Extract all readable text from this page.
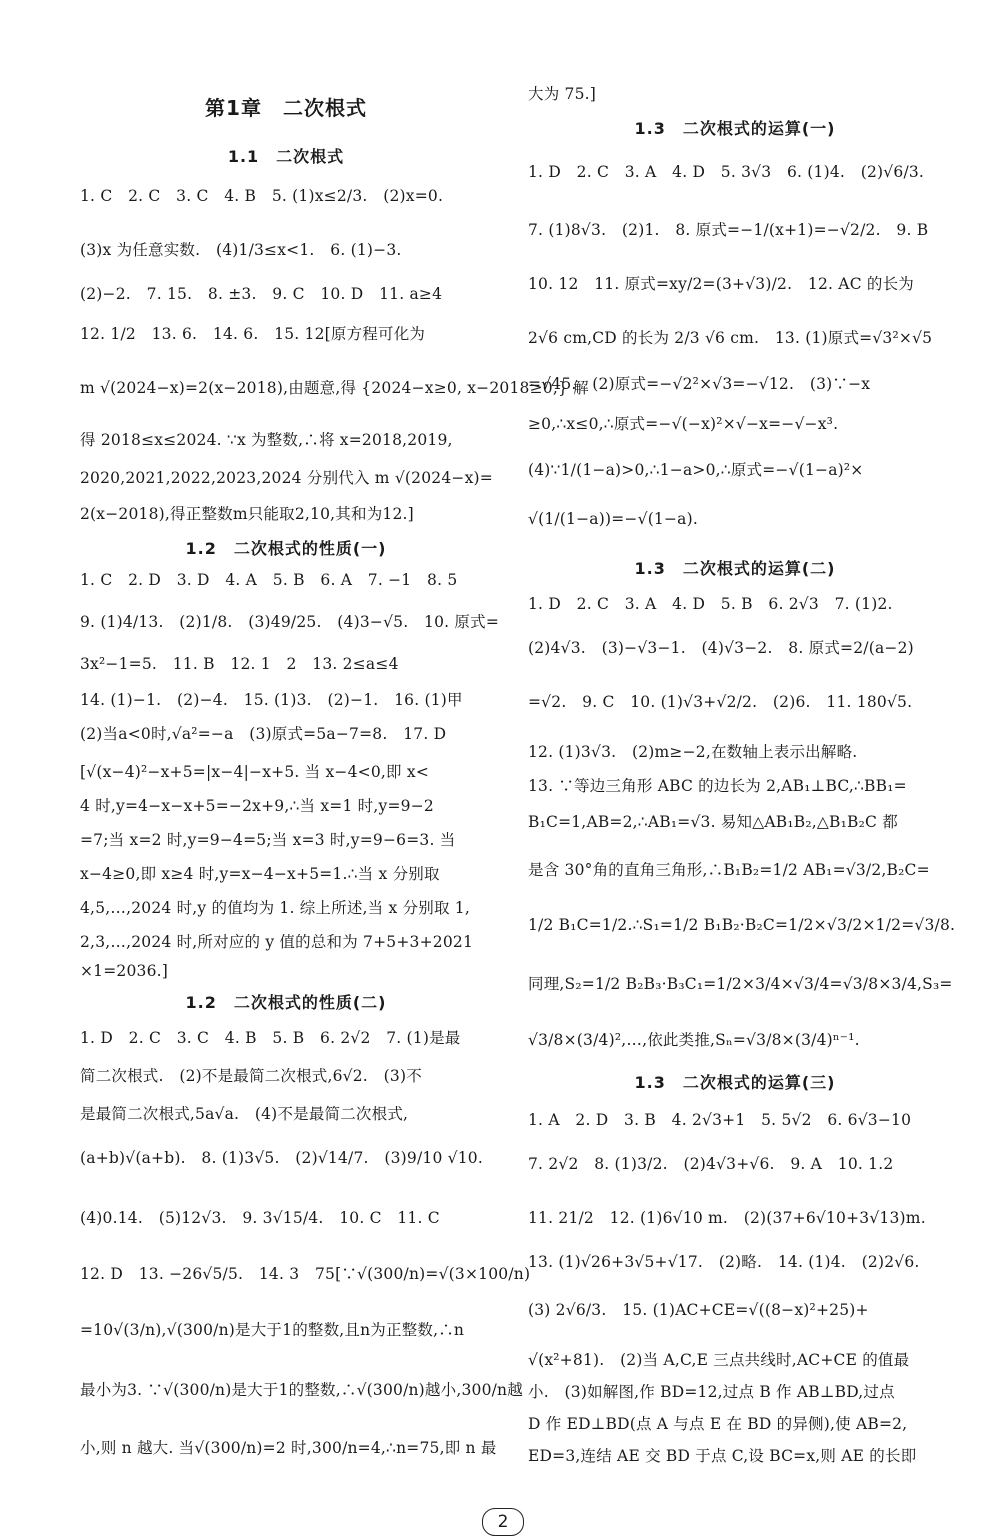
第1章　二次根式
1.1　二次根式
1. C　2. C　3. C　4. B　5. (1)x≤2/3.　(2)x=0.
(3)x 为任意实数.　(4)1/3≤x<1.　6. (1)−3.
(2)−2.　7. 15.　8. ±3.　9. C　10. D　11. a≥4
12. 1/2　13. 6.　14. 6.　15. 12[原方程可化为
m √(2024−x)=2(x−2018),由题意,得 {2024−x≥0, x−2018≥0,} 解
得 2018≤x≤2024. ∵x 为整数,∴将 x=2018,2019,
2020,2021,2022,2023,2024 分别代入 m √(2024−x)=
2(x−2018),得正整数m只能取2,10,其和为12.]
1.2　二次根式的性质(一)
1. C　2. D　3. D　4. A　5. B　6. A　7. −1　8. 5
9. (1)4/13.　(2)1/8.　(3)49/25.　(4)3−√5.　10. 原式=
3x²−1=5.　11. B　12. 1　2　13. 2≤a≤4
14. (1)−1.　(2)−4.　15. (1)3.　(2)−1.　16. (1)甲
(2)当a<0时,√a²=−a　(3)原式=5a−7=8.　17. D
[√(x−4)²−x+5=|x−4|−x+5. 当 x−4<0,即 x<
4 时,y=4−x−x+5=−2x+9,∴当 x=1 时,y=9−2
=7;当 x=2 时,y=9−4=5;当 x=3 时,y=9−6=3. 当
x−4≥0,即 x≥4 时,y=x−4−x+5=1.∴当 x 分别取
4,5,…,2024 时,y 的值均为 1. 综上所述,当 x 分别取 1,
2,3,…,2024 时,所对应的 y 值的总和为 7+5+3+2021
×1=2036.]
1.2　二次根式的性质(二)
1. D　2. C　3. C　4. B　5. B　6. 2√2　7. (1)是最
简二次根式.　(2)不是最简二次根式,6√2.　(3)不
是最简二次根式,5a√a.　(4)不是最简二次根式,
(a+b)√(a+b).　8. (1)3√5.　(2)√14/7.　(3)9/10 √10.
(4)0.14.　(5)12√3.　9. 3√15/4.　10. C　11. C
12. D　13. −26√5/5.　14. 3　75[∵√(300/n)=√(3×100/n)
=10√(3/n),√(300/n)是大于1的整数,且n为正整数,∴n
最小为3. ∵√(300/n)是大于1的整数,∴√(300/n)越小,300/n越
小,则 n 越大. 当√(300/n)=2 时,300/n=4,∴n=75,即 n 最
大为 75.]
1.3　二次根式的运算(一)
1. D　2. C　3. A　4. D　5. 3√3　6. (1)4.　(2)√6/3.
7. (1)8√3.　(2)1.　8. 原式=−1/(x+1)=−√2/2.　9. B
10. 12　11. 原式=xy/2=(3+√3)/2.　12. AC 的长为
2√6 cm,CD 的长为 2/3 √6 cm.　13. (1)原式=√3²×√5
=√45.　(2)原式=−√2²×√3=−√12.　(3)∵−x
≥0,∴x≤0,∴原式=−√(−x)²×√−x=−√−x³.
(4)∵1/(1−a)>0,∴1−a>0,∴原式=−√(1−a)²×
√(1/(1−a))=−√(1−a).
1.3　二次根式的运算(二)
1. D　2. C　3. A　4. D　5. B　6. 2√3　7. (1)2.
(2)4√3.　(3)−√3−1.　(4)√3−2.　8. 原式=2/(a−2)
=√2.　9. C　10. (1)√3+√2/2.　(2)6.　11. 180√5.
12. (1)3√3.　(2)m≥−2,在数轴上表示出解略.
13. ∵等边三角形 ABC 的边长为 2,AB₁⊥BC,∴BB₁=
B₁C=1,AB=2,∴AB₁=√3. 易知△AB₁B₂,△B₁B₂C 都
是含 30°角的直角三角形,∴B₁B₂=1/2 AB₁=√3/2,B₂C=
1/2 B₁C=1/2.∴S₁=1/2 B₁B₂·B₂C=1/2×√3/2×1/2=√3/8.
同理,S₂=1/2 B₂B₃·B₃C₁=1/2×3/4×√3/4=√3/8×3/4,S₃=
√3/8×(3/4)²,…,依此类推,Sₙ=√3/8×(3/4)ⁿ⁻¹.
1.3　二次根式的运算(三)
1. A　2. D　3. B　4. 2√3+1　5. 5√2　6. 6√3−10
7. 2√2　8. (1)3/2.　(2)4√3+√6.　9. A　10. 1.2
11. 21/2　12. (1)6√10 m.　(2)(37+6√10+3√13)m.
13. (1)√26+3√5+√17.　(2)略.　14. (1)4.　(2)2√6.
(3) 2√6/3.　15. (1)AC+CE=√((8−x)²+25)+
√(x²+81).　(2)当 A,C,E 三点共线时,AC+CE 的值最
小.　(3)如解图,作 BD=12,过点 B 作 AB⊥BD,过点
D 作 ED⊥BD(点 A 与点 E 在 BD 的异侧),使 AB=2,
ED=3,连结 AE 交 BD 于点 C,设 BC=x,则 AE 的长即
2
